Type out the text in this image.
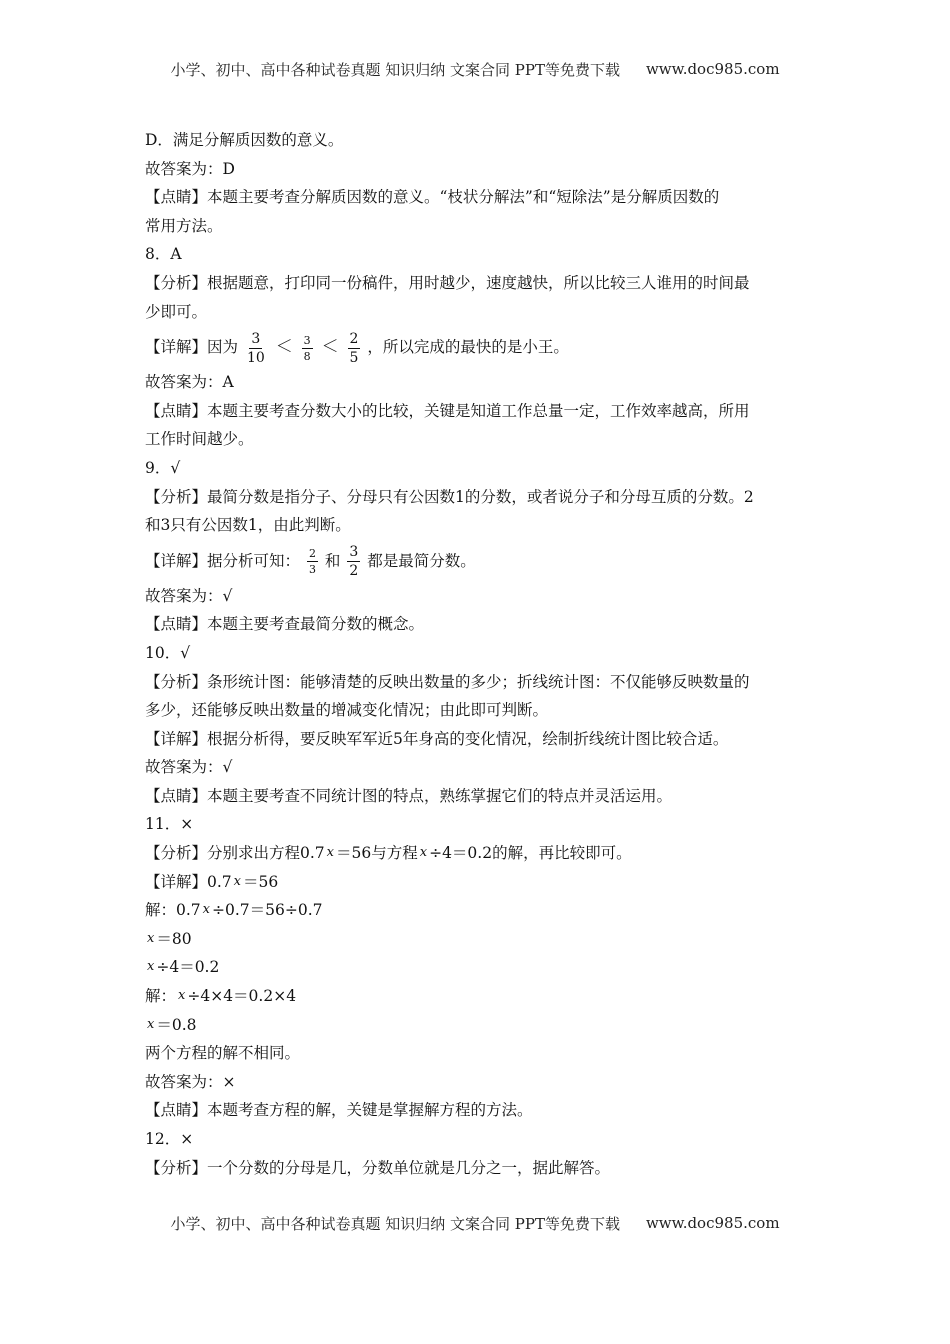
小学、初中、高中各种试卷真题 知识归纳 文案合同 PPT等免费下载 www.doc985.com
D．满足分解质因数的意义。
故答案为：D
【点睛】本题主要考查分解质因数的意义。“枝状分解法”和“短除法”是分解质因数的
常用方法。
8．A
【分析】根据题意，打印同一份稿件，用时越少，速度越快，所以比较三人谁用的时间最
少即可。
【详解】因为 $\frac{3}{10} < \frac{3}{8} < \frac{2}{5}$ ，所以完成的最快的是小王。
故答案为：A
【点睛】本题主要考查分数大小的比较，关键是知道工作总量一定，工作效率越高，所用
工作时间越少。
9．√
【分析】最简分数是指分子、分母只有公因数1的分数，或者说分子和分母互质的分数。2
和3只有公因数1，由此判断。
【详解】据分析可知： $\frac{2}{3}$ 和 $\frac{3}{2}$ 都是最简分数。
故答案为：√
【点睛】本题主要考查最简分数的概念。
10．√
【分析】条形统计图：能够清楚的反映出数量的多少；折线统计图：不仅能够反映数量的
多少，还能够反映出数量的增减变化情况；由此即可判断。
【详解】根据分析得，要反映军军近5年身高的变化情况，绘制折线统计图比较合适。
故答案为：√
【点睛】本题主要考查不同统计图的特点，熟练掌握它们的特点并灵活运用。
11．×
【分析】分别求出方程0.7 x ＝56与方程 x ÷4＝0.2的解，再比较即可。
【详解】0.7 x ＝56
解：0.7 x ÷0.7＝56÷0.7
x ＝80
x ÷4＝0.2
解： x ÷4×4＝0.2×4
x ＝0.8
两个方程的解不相同。
故答案为：×
【点睛】本题考查方程的解，关键是掌握解方程的方法。
12．×
【分析】一个分数的分母是几，分数单位就是几分之一，据此解答。
小学、初中、高中各种试卷真题 知识归纳 文案合同 PPT等免费下载 www.doc985.com
